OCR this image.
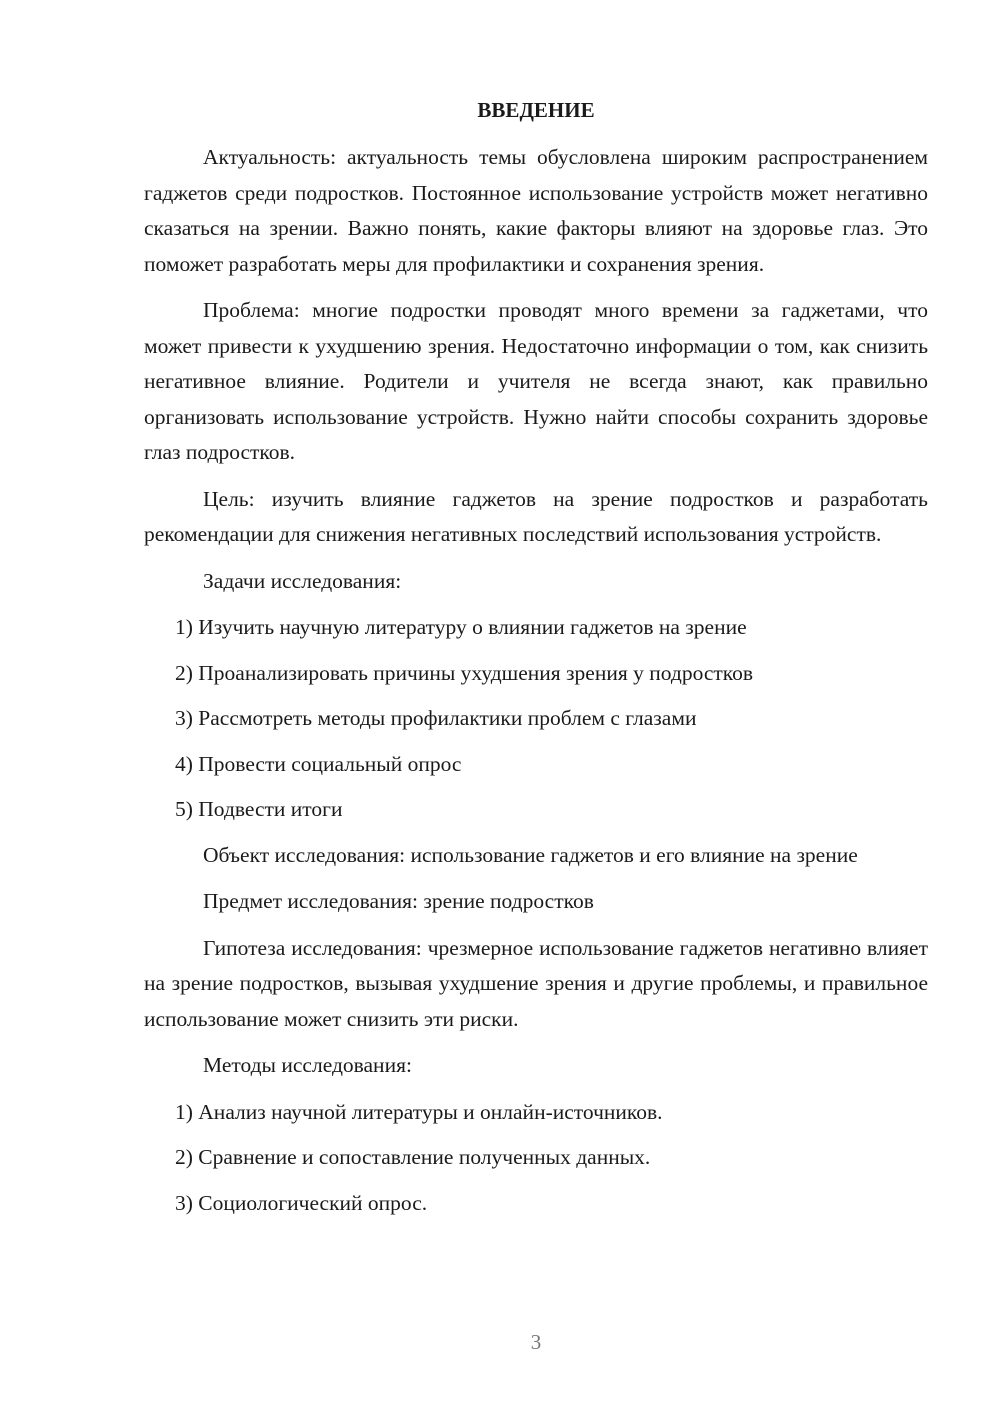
ВВЕДЕНИЕ

Актуальность: актуальность темы обусловлена широким распространением гаджетов среди подростков. Постоянное использование устройств может негативно сказаться на зрении. Важно понять, какие факторы влияют на здоровье глаз. Это поможет разработать меры для профилактики и сохранения зрения.

Проблема: многие подростки проводят много времени за гаджетами, что может привести к ухудшению зрения. Недостаточно информации о том, как снизить негативное влияние. Родители и учителя не всегда знают, как правильно организовать использование устройств. Нужно найти способы сохранить здоровье глаз подростков.

Цель: изучить влияние гаджетов на зрение подростков и разработать рекомендации для снижения негативных последствий использования устройств.

Задачи исследования:

1) Изучить научную литературу о влиянии гаджетов на зрение

2) Проанализировать причины ухудшения зрения у подростков

3) Рассмотреть методы профилактики проблем с глазами

4) Провести социальный опрос

5) Подвести итоги

Объект исследования: использование гаджетов и его влияние на зрение

Предмет исследования: зрение подростков

Гипотеза исследования: чрезмерное использование гаджетов негативно влияет на зрение подростков, вызывая ухудшение зрения и другие проблемы, и правильное использование может снизить эти риски.

Методы исследования:

1) Анализ научной литературы и онлайн-источников.

2) Сравнение и сопоставление полученных данных.

3) Социологический опрос.

3
